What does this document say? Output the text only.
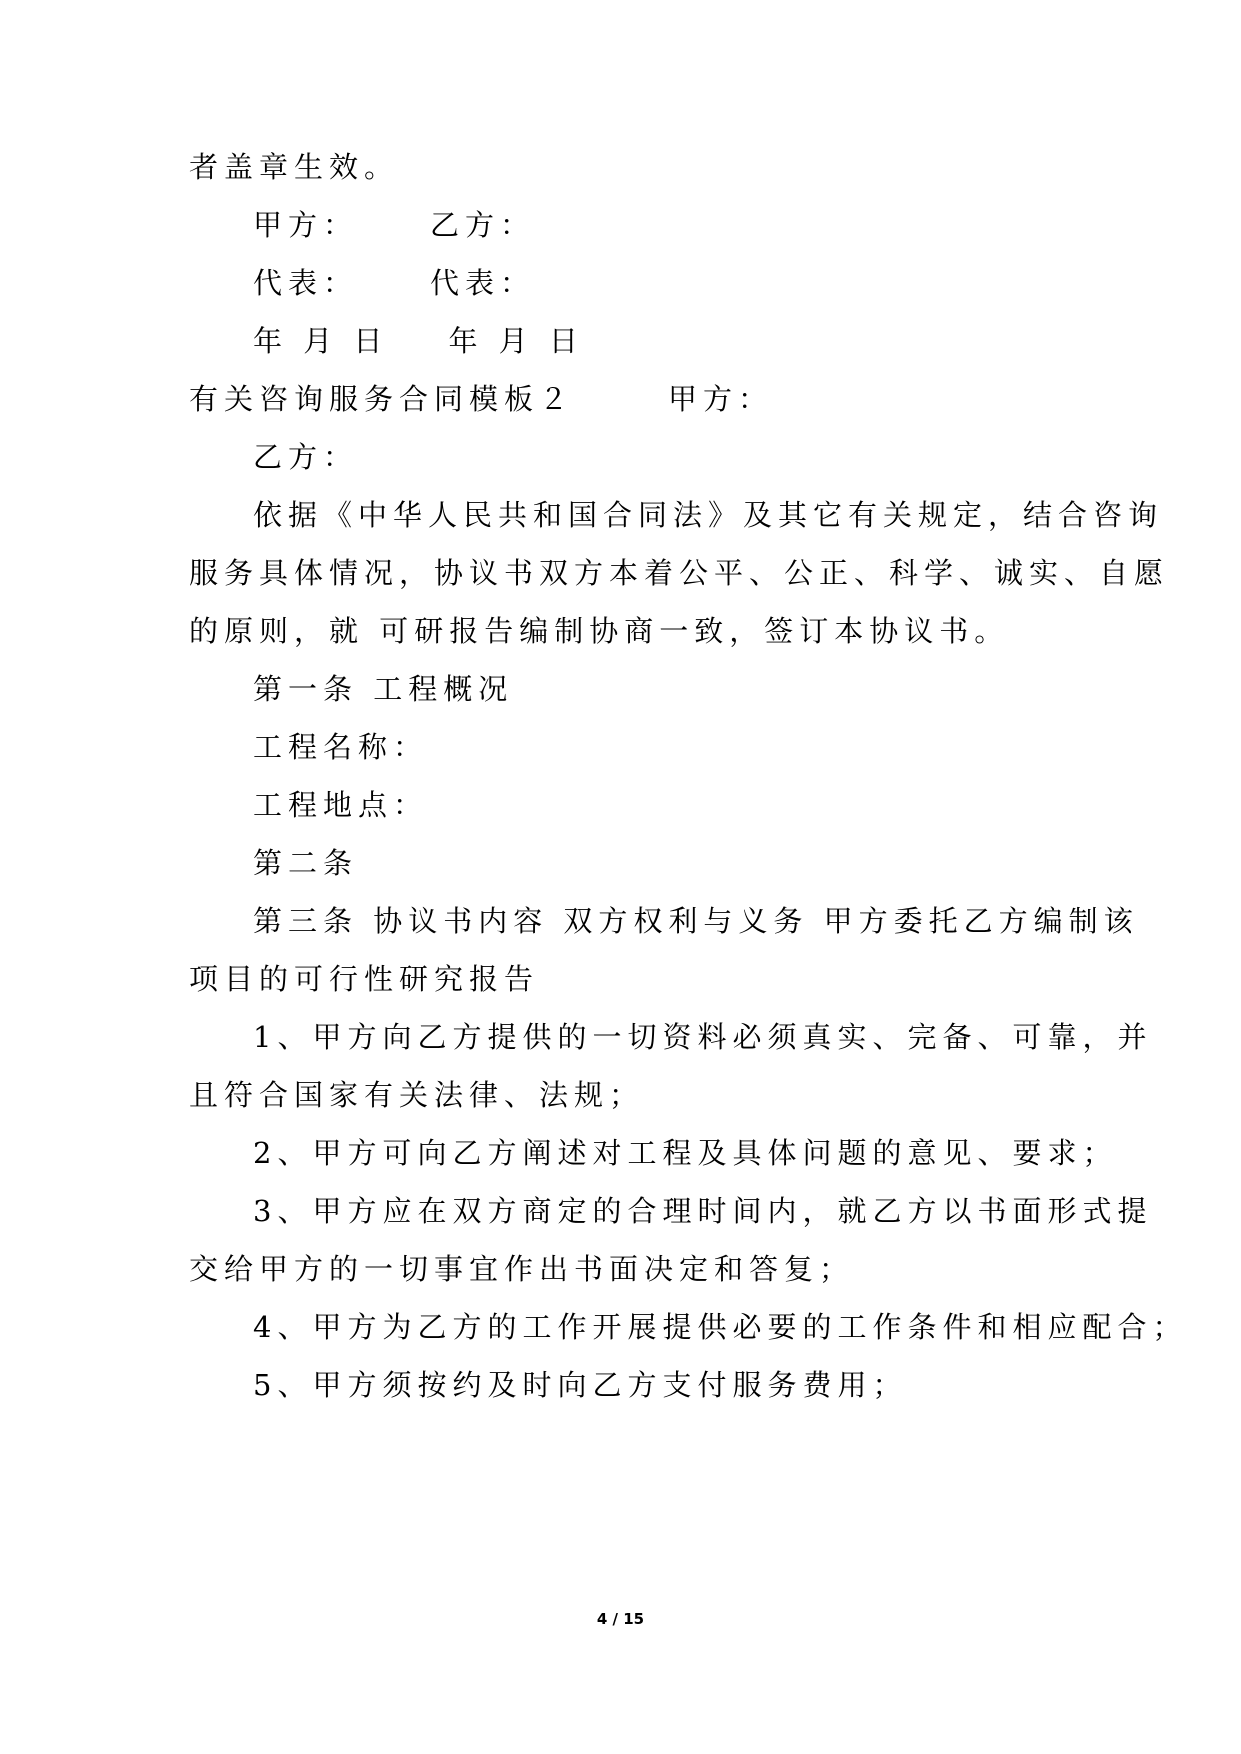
者盖章生效。
甲方： 乙方：
代表： 代表：
年 月 日 年 月 日
有关咨询服务合同模板２	甲方：
乙方：
依据《中华人民共和国合同法》及其它有关规定，结合咨询
服务具体情况，协议书双方本着公平、公正、科学、诚实、自愿
的原则，就 可研报告编制协商一致，签订本协议书。
第一条 工程概况
工程名称：
工程地点：
第二条
第三条 协议书内容 双方权利与义务 甲方委托乙方编制该
项目的可行性研究报告
1、甲方向乙方提供的一切资料必须真实、完备、可靠，并
且符合国家有关法律、法规；
2、甲方可向乙方阐述对工程及具体问题的意见、要求；
3、甲方应在双方商定的合理时间内，就乙方以书面形式提
交给甲方的一切事宜作出书面决定和答复；
4、甲方为乙方的工作开展提供必要的工作条件和相应配合；
5、甲方须按约及时向乙方支付服务费用；
4 / 15
